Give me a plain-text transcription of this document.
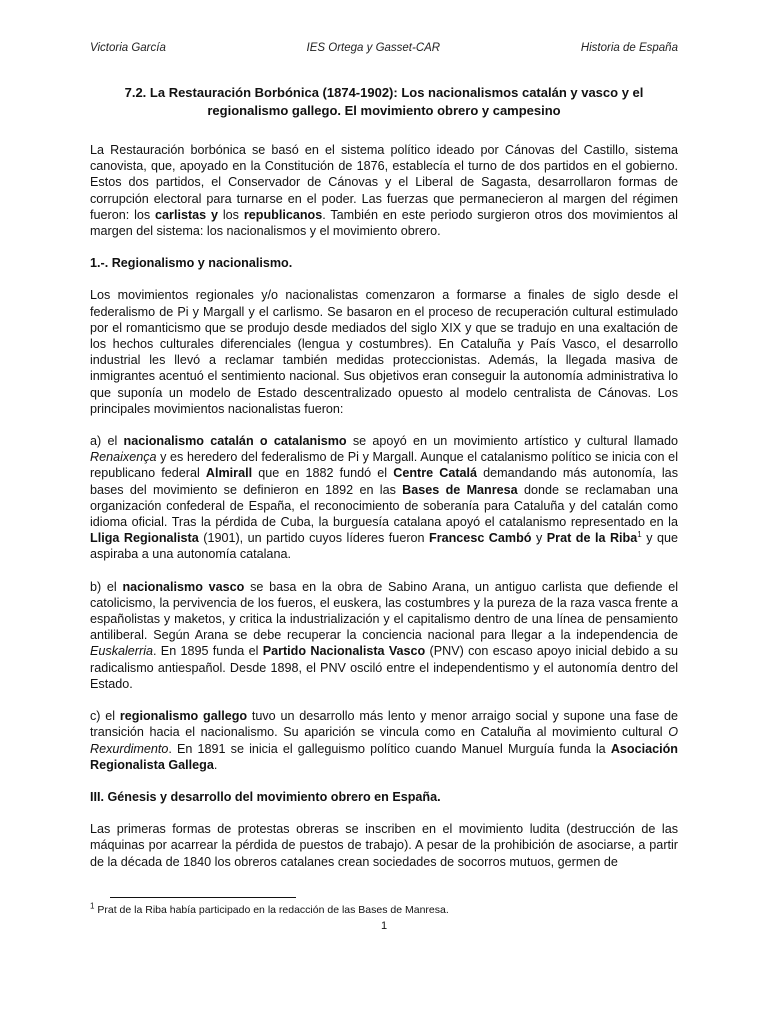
Victoria García	IES Ortega y Gasset-CAR	Historia de España
7.2. La Restauración Borbónica (1874-1902): Los nacionalismos catalán y vasco y el regionalismo gallego. El movimiento obrero y campesino

La Restauración borbónica se basó en el sistema político ideado por Cánovas del Castillo, sistema canovista, que, apoyado en la Constitución de 1876, establecía el turno de dos partidos en el gobierno. Estos dos partidos, el Conservador de Cánovas y el Liberal de Sagasta, desarrollaron formas de corrupción electoral para turnarse en el poder. Las fuerzas que permanecieron al margen del régimen fueron: los carlistas y los republicanos. También en este periodo surgieron otros dos movimientos al margen del sistema: los nacionalismos y el movimiento obrero.

1.-. Regionalismo y nacionalismo.

Los movimientos regionales y/o nacionalistas comenzaron a formarse a finales de siglo desde el federalismo de Pi y Margall y el carlismo. Se basaron en el proceso de recuperación cultural estimulado por el romanticismo que se produjo desde mediados del siglo XIX y que se tradujo en una exaltación de los hechos culturales diferenciales (lengua y costumbres). En Cataluña y País Vasco, el desarrollo industrial les llevó a reclamar también medidas proteccionistas. Además, la llegada masiva de inmigrantes acentuó el sentimiento nacional. Sus objetivos eran conseguir la autonomía administrativa lo que suponía un modelo de Estado descentralizado opuesto al modelo centralista de Cánovas. Los principales movimientos nacionalistas fueron:

a) el nacionalismo catalán o catalanismo se apoyó en un movimiento artístico y cultural llamado Renaixença y es heredero del federalismo de Pi y Margall. Aunque el catalanismo político se inicia con el republicano federal Almirall que en 1882 fundó el Centre Catalá demandando más autonomía, las bases del movimiento se definieron en 1892 en las Bases de Manresa donde se reclamaban una organización confederal de España, el reconocimiento de soberanía para Cataluña y del catalán como idioma oficial. Tras la pérdida de Cuba, la burguesía catalana apoyó el catalanismo representado en la Lliga Regionalista (1901), un partido cuyos líderes fueron Francesc Cambó y Prat de la Riba$^1$ y que aspiraba a una autonomía catalana.

b) el nacionalismo vasco se basa en la obra de Sabino Arana, un antiguo carlista que defiende el catolicismo, la pervivencia de los fueros, el euskera, las costumbres y la pureza de la raza vasca frente a españolistas y maketos, y critica la industrialización y el capitalismo dentro de una línea de pensamiento antiliberal. Según Arana se debe recuperar la conciencia nacional para llegar a la independencia de Euskalerria. En 1895 funda el Partido Nacionalista Vasco (PNV) con escaso apoyo inicial debido a su radicalismo antiespañol. Desde 1898, el PNV osciló entre el independentismo y el autonomía dentro del Estado.

c) el regionalismo gallego tuvo un desarrollo más lento y menor arraigo social y supone una fase de transición hacia el nacionalismo. Su aparición se vincula como en Cataluña al movimiento cultural O Rexurdimento. En 1891 se inicia el galleguismo político cuando Manuel Murguía funda la Asociación Regionalista Gallega.

III. Génesis y desarrollo del movimiento obrero en España.

Las primeras formas de protestas obreras se inscriben en el movimiento ludita (destrucción de las máquinas por acarrear la pérdida de puestos de trabajo). A pesar de la prohibición de asociarse, a partir de la década de 1840 los obreros catalanes crean sociedades de socorros mutuos, germen de

$^1$ Prat de la Riba había participado en la redacción de las Bases de Manresa.
1
